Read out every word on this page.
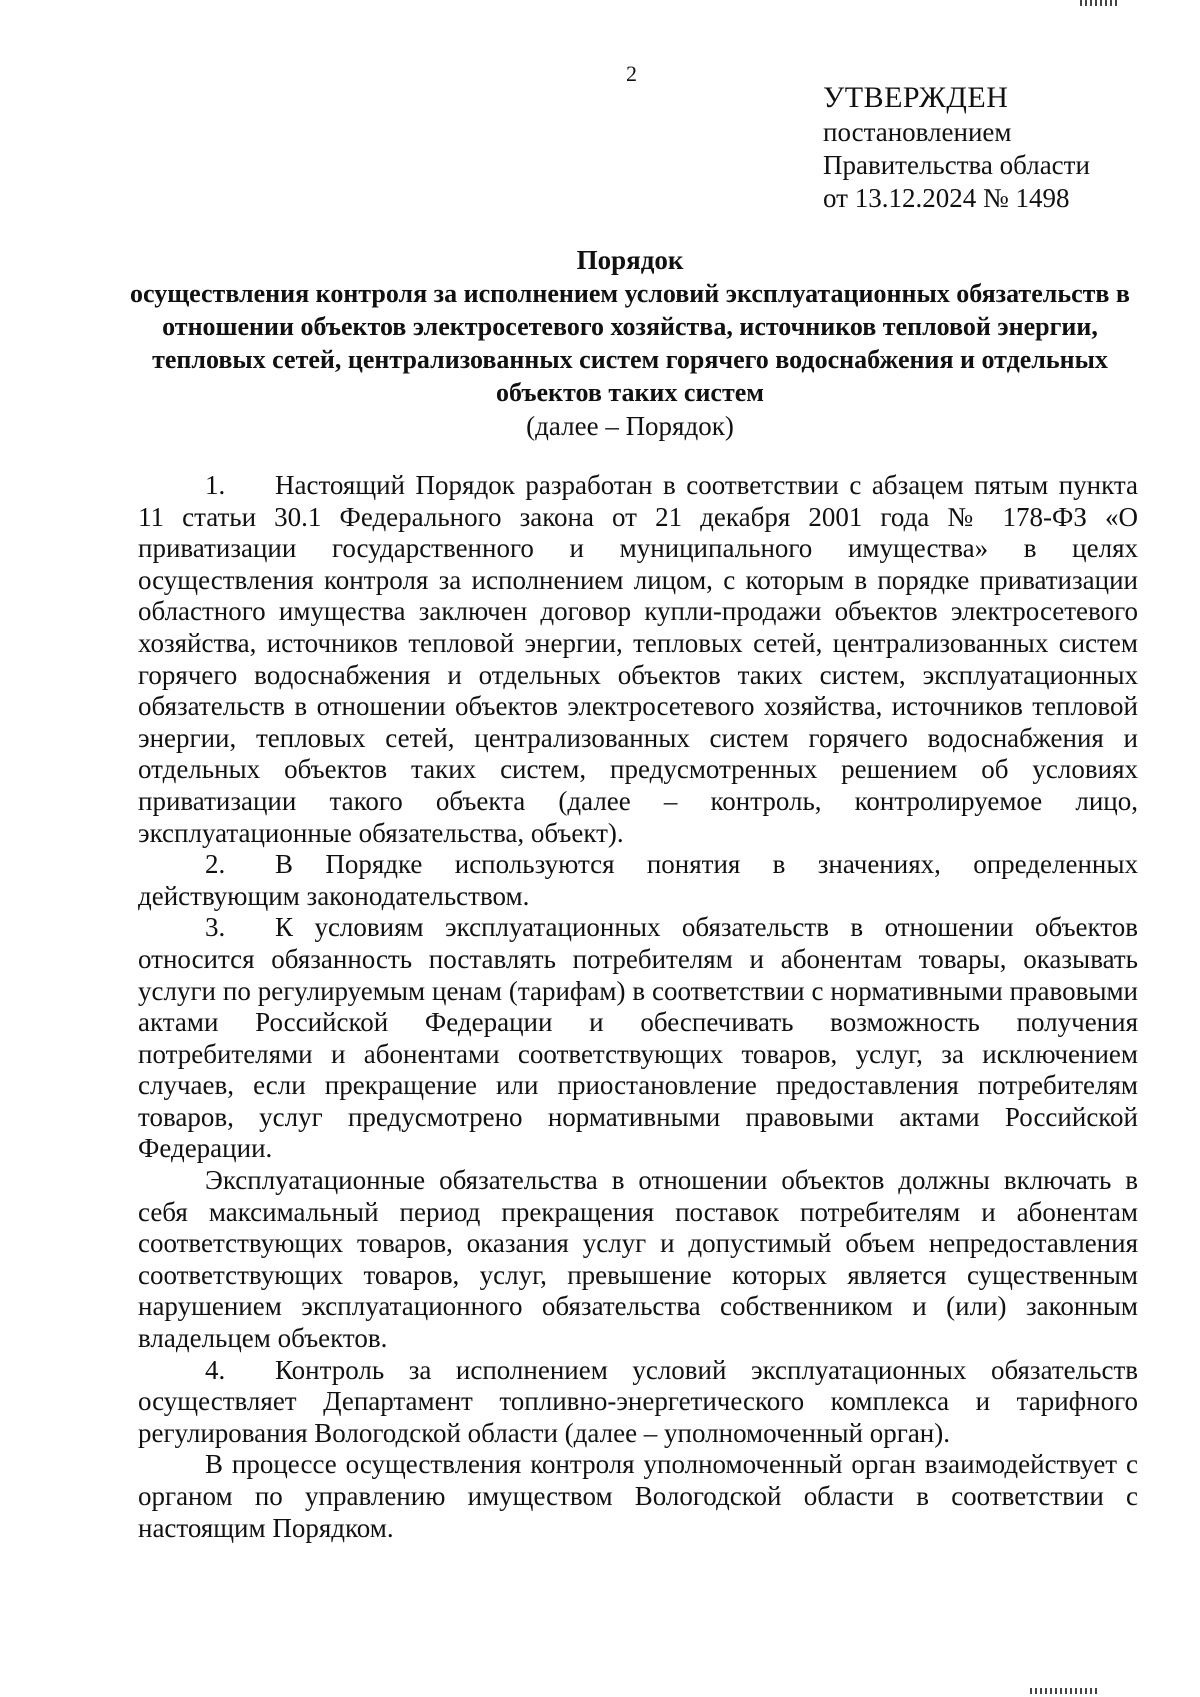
2
УТВЕРЖДЕН
постановлением
Правительства области
от 13.12.2024 № 1498
Порядок
осуществления контроля за исполнением условий эксплуатационных обязательств в отношении объектов электросетевого хозяйства, источников тепловой энергии, тепловых сетей, централизованных систем горячего водоснабжения и отдельных объектов таких систем
(далее – Порядок)

1. Настоящий Порядок разработан в соответствии с абзацем пятым пункта 11 статьи 30.1 Федерального закона от 21 декабря 2001 года № 178-ФЗ «О приватизации государственного и муниципального имущества» в целях осуществления контроля за исполнением лицом, с которым в порядке приватизации областного имущества заключен договор купли-продажи объектов электросетевого хозяйства, источников тепловой энергии, тепловых сетей, централизованных систем горячего водоснабжения и отдельных объектов таких систем, эксплуатационных обязательств в отношении объектов электросетевого хозяйства, источников тепловой энергии, тепловых сетей, централизованных систем горячего водоснабжения и отдельных объектов таких систем, предусмотренных решением об условиях приватизации такого объекта (далее – контроль, контролируемое лицо, эксплуатационные обязательства, объект).

2. В Порядке используются понятия в значениях, определенных действующим законодательством.

3. К условиям эксплуатационных обязательств в отношении объектов относится обязанность поставлять потребителям и абонентам товары, оказывать услуги по регулируемым ценам (тарифам) в соответствии с нормативными правовыми актами Российской Федерации и обеспечивать возможность получения потребителями и абонентами соответствующих товаров, услуг, за исключением случаев, если прекращение или приостановление предоставления потребителям товаров, услуг предусмотрено нормативными правовыми актами Российской Федерации.

Эксплуатационные обязательства в отношении объектов должны включать в себя максимальный период прекращения поставок потребителям и абонентам соответствующих товаров, оказания услуг и допустимый объем непредоставления соответствующих товаров, услуг, превышение которых является существенным нарушением эксплуатационного обязательства собственником и (или) законным владельцем объектов.

4. Контроль за исполнением условий эксплуатационных обязательств осуществляет Департамент топливно-энергетического комплекса и тарифного регулирования Вологодской области (далее – уполномоченный орган).

В процессе осуществления контроля уполномоченный орган взаимодействует с органом по управлению имуществом Вологодской области в соответствии с настоящим Порядком.
